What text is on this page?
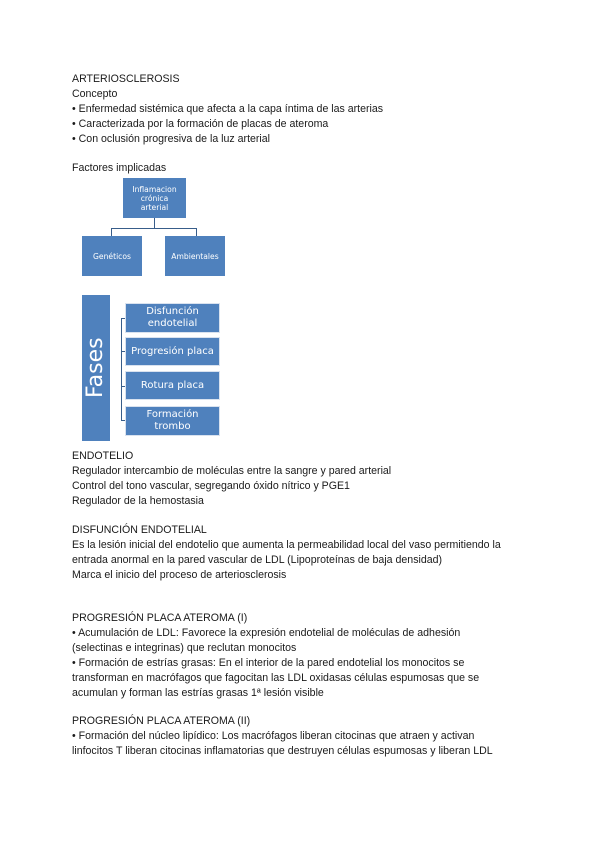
ARTERIOSCLEROSIS

Concepto

• Enfermedad sistémica que afecta a la capa íntima de las arterias

• Caracterizada por la formación de placas de ateroma

• Con oclusión progresiva de la luz arterial

Factores implicadas

Inflamacion
crónica
arterial
Genéticos	Ambientales
Fases
Disfunción
endotelial
Progresión placa
Rotura placa
Formación
trombo

ENDOTELIO

Regulador intercambio de moléculas entre la sangre y pared arterial

Control del tono vascular, segregando óxido nítrico y PGE1

Regulador de la hemostasia

DISFUNCIÓN ENDOTELIAL

Es la lesión inicial del endotelio que aumenta la permeabilidad local del vaso permitiendo la

entrada anormal en la pared vascular de LDL (Lipoproteínas de baja densidad)

Marca el inicio del proceso de arteriosclerosis

PROGRESIÓN PLACA ATEROMA (I)

• Acumulación de LDL: Favorece la expresión endotelial de moléculas de adhesión

(selectinas e integrinas) que reclutan monocitos

• Formación de estrías grasas: En el interior de la pared endotelial los monocitos se

transforman en macrófagos que fagocitan las LDL oxidasas células espumosas que se

acumulan y forman las estrías grasas 1ª lesión visible

PROGRESIÓN PLACA ATEROMA (II)

• Formación del núcleo lipídico: Los macrófagos liberan citocinas que atraen y activan

linfocitos T liberan citocinas inflamatorias que destruyen células espumosas y liberan LDL
